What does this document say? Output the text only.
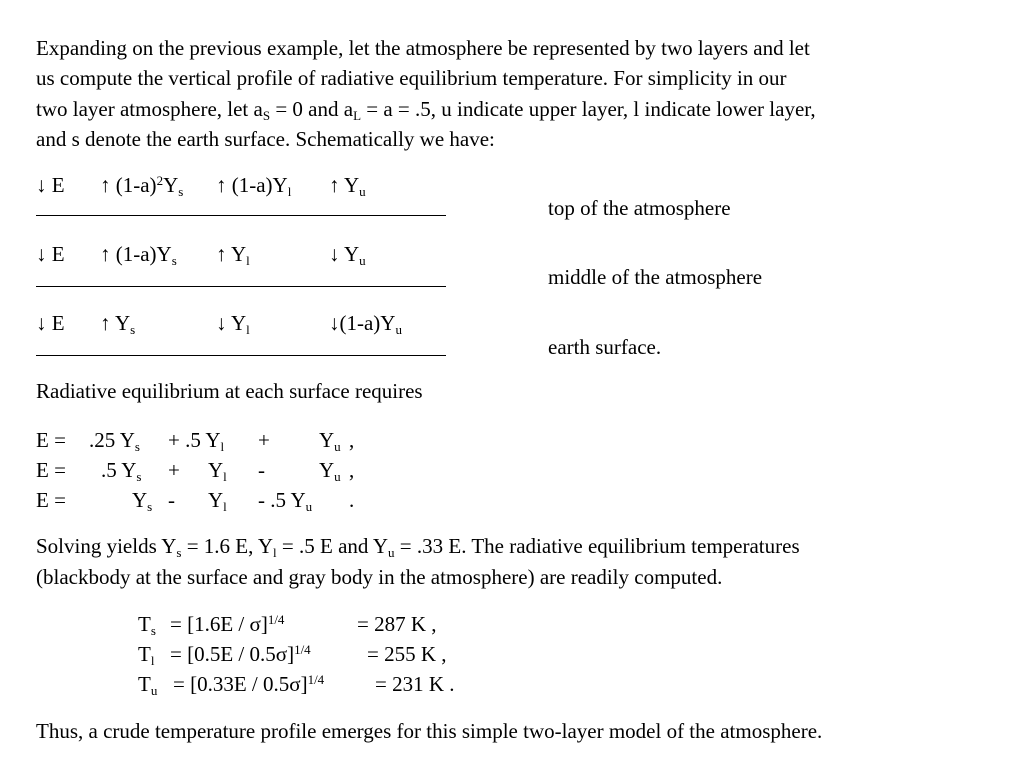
Expanding on the previous example, let the atmosphere be represented by two layers and let

us compute the vertical profile of radiative equilibrium temperature. For simplicity in our

two layer atmosphere, let $a_S = 0$ and $a_L = a = .5$, u indicate upper layer, l indicate lower layer,

and s denote the earth surface. Schematically we have:

↓ E ↑ $(1-a)^2Y_s$ ↑ $(1-a)Y_l$ ↑ $Y_u$
top of the atmosphere
↓ E ↑ $(1-a)Y_s$ ↑ $Y_l$	↓ $Y_u$
middle of the atmosphere
↓ E ↑ $Y_s$	↓ $Y_l$	$↓(1-a)Y_u$
earth surface.

Radiative equilibrium at each surface requires

E = .25 $Y_s + .5$ $Y_l + Y_u$ ,
E = .5 $Y_s + Y_l$ -	$Y_u$ ,
E =	$Y_s - Y_l - .5$ $Y_u$ .

Solving yields $Y_s = 1.6$ E, $Y_l = .5$ E and $Y_u = .33$ E. The radiative equilibrium temperatures

(blackbody at the surface and gray body in the atmosphere) are readily computed.

$T_s = [1.6E / \sigma]^{1/4}$	= 287 K ,
$T_l = [0.5E / 0.5\sigma]^{1/4}$	= 255 K ,
$T_u = [0.33E / 0.5\sigma]^{1/4} = 231$ K .

Thus, a crude temperature profile emerges for this simple two-layer model of the atmosphere.
